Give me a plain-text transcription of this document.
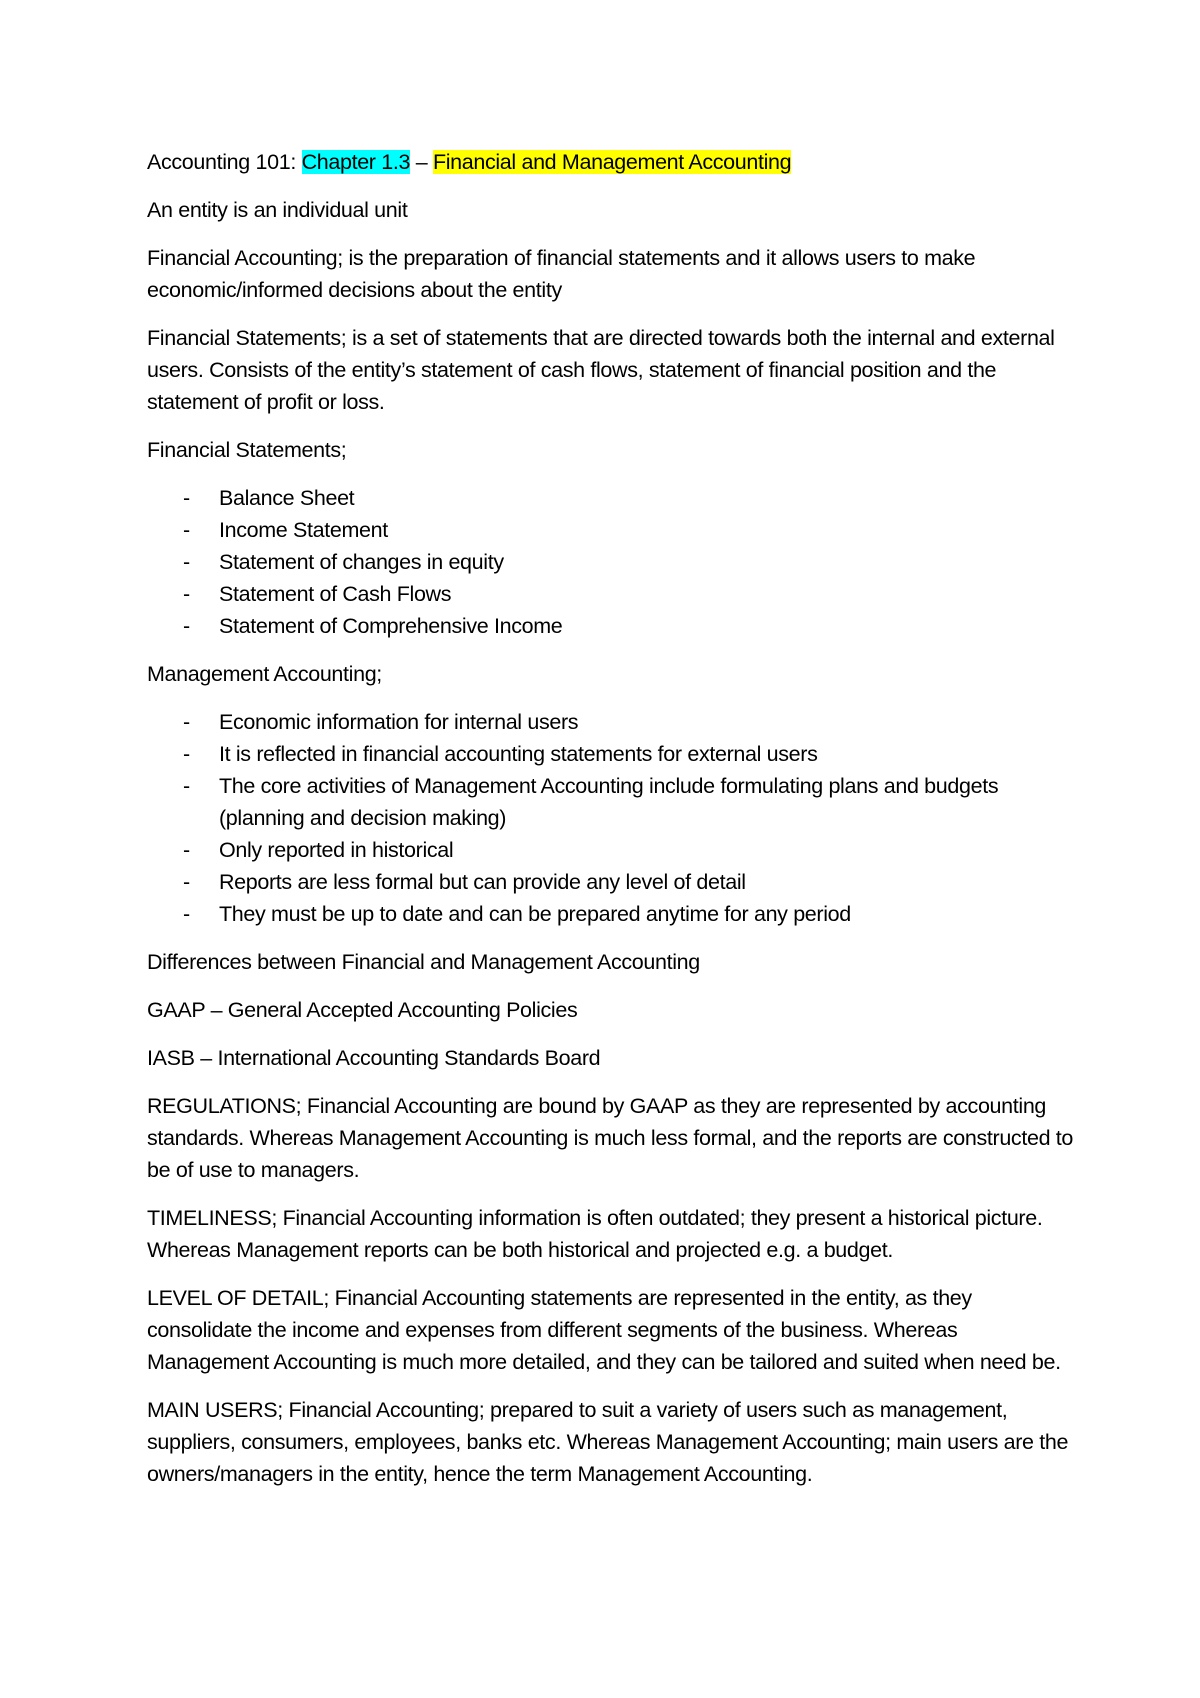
Accounting 101: Chapter 1.3 – Financial and Management Accounting

An entity is an individual unit

Financial Accounting; is the preparation of financial statements and it allows users to make economic/informed decisions about the entity

Financial Statements; is a set of statements that are directed towards both the internal and external users. Consists of the entity’s statement of cash flows, statement of financial position and the statement of profit or loss.

Financial Statements;

- Balance Sheet
- Income Statement
- Statement of changes in equity
- Statement of Cash Flows
- Statement of Comprehensive Income

Management Accounting;

- Economic information for internal users
- It is reflected in financial accounting statements for external users
- The core activities of Management Accounting include formulating plans and budgets (planning and decision making)
- Only reported in historical
- Reports are less formal but can provide any level of detail
- They must be up to date and can be prepared anytime for any period

Differences between Financial and Management Accounting

GAAP – General Accepted Accounting Policies

IASB – International Accounting Standards Board

REGULATIONS; Financial Accounting are bound by GAAP as they are represented by accounting standards. Whereas Management Accounting is much less formal, and the reports are constructed to be of use to managers.

TIMELINESS; Financial Accounting information is often outdated; they present a historical picture. Whereas Management reports can be both historical and projected e.g. a budget.

LEVEL OF DETAIL; Financial Accounting statements are represented in the entity, as they consolidate the income and expenses from different segments of the business. Whereas Management Accounting is much more detailed, and they can be tailored and suited when need be.

MAIN USERS; Financial Accounting; prepared to suit a variety of users such as management, suppliers, consumers, employees, banks etc. Whereas Management Accounting; main users are the owners/managers in the entity, hence the term Management Accounting.
